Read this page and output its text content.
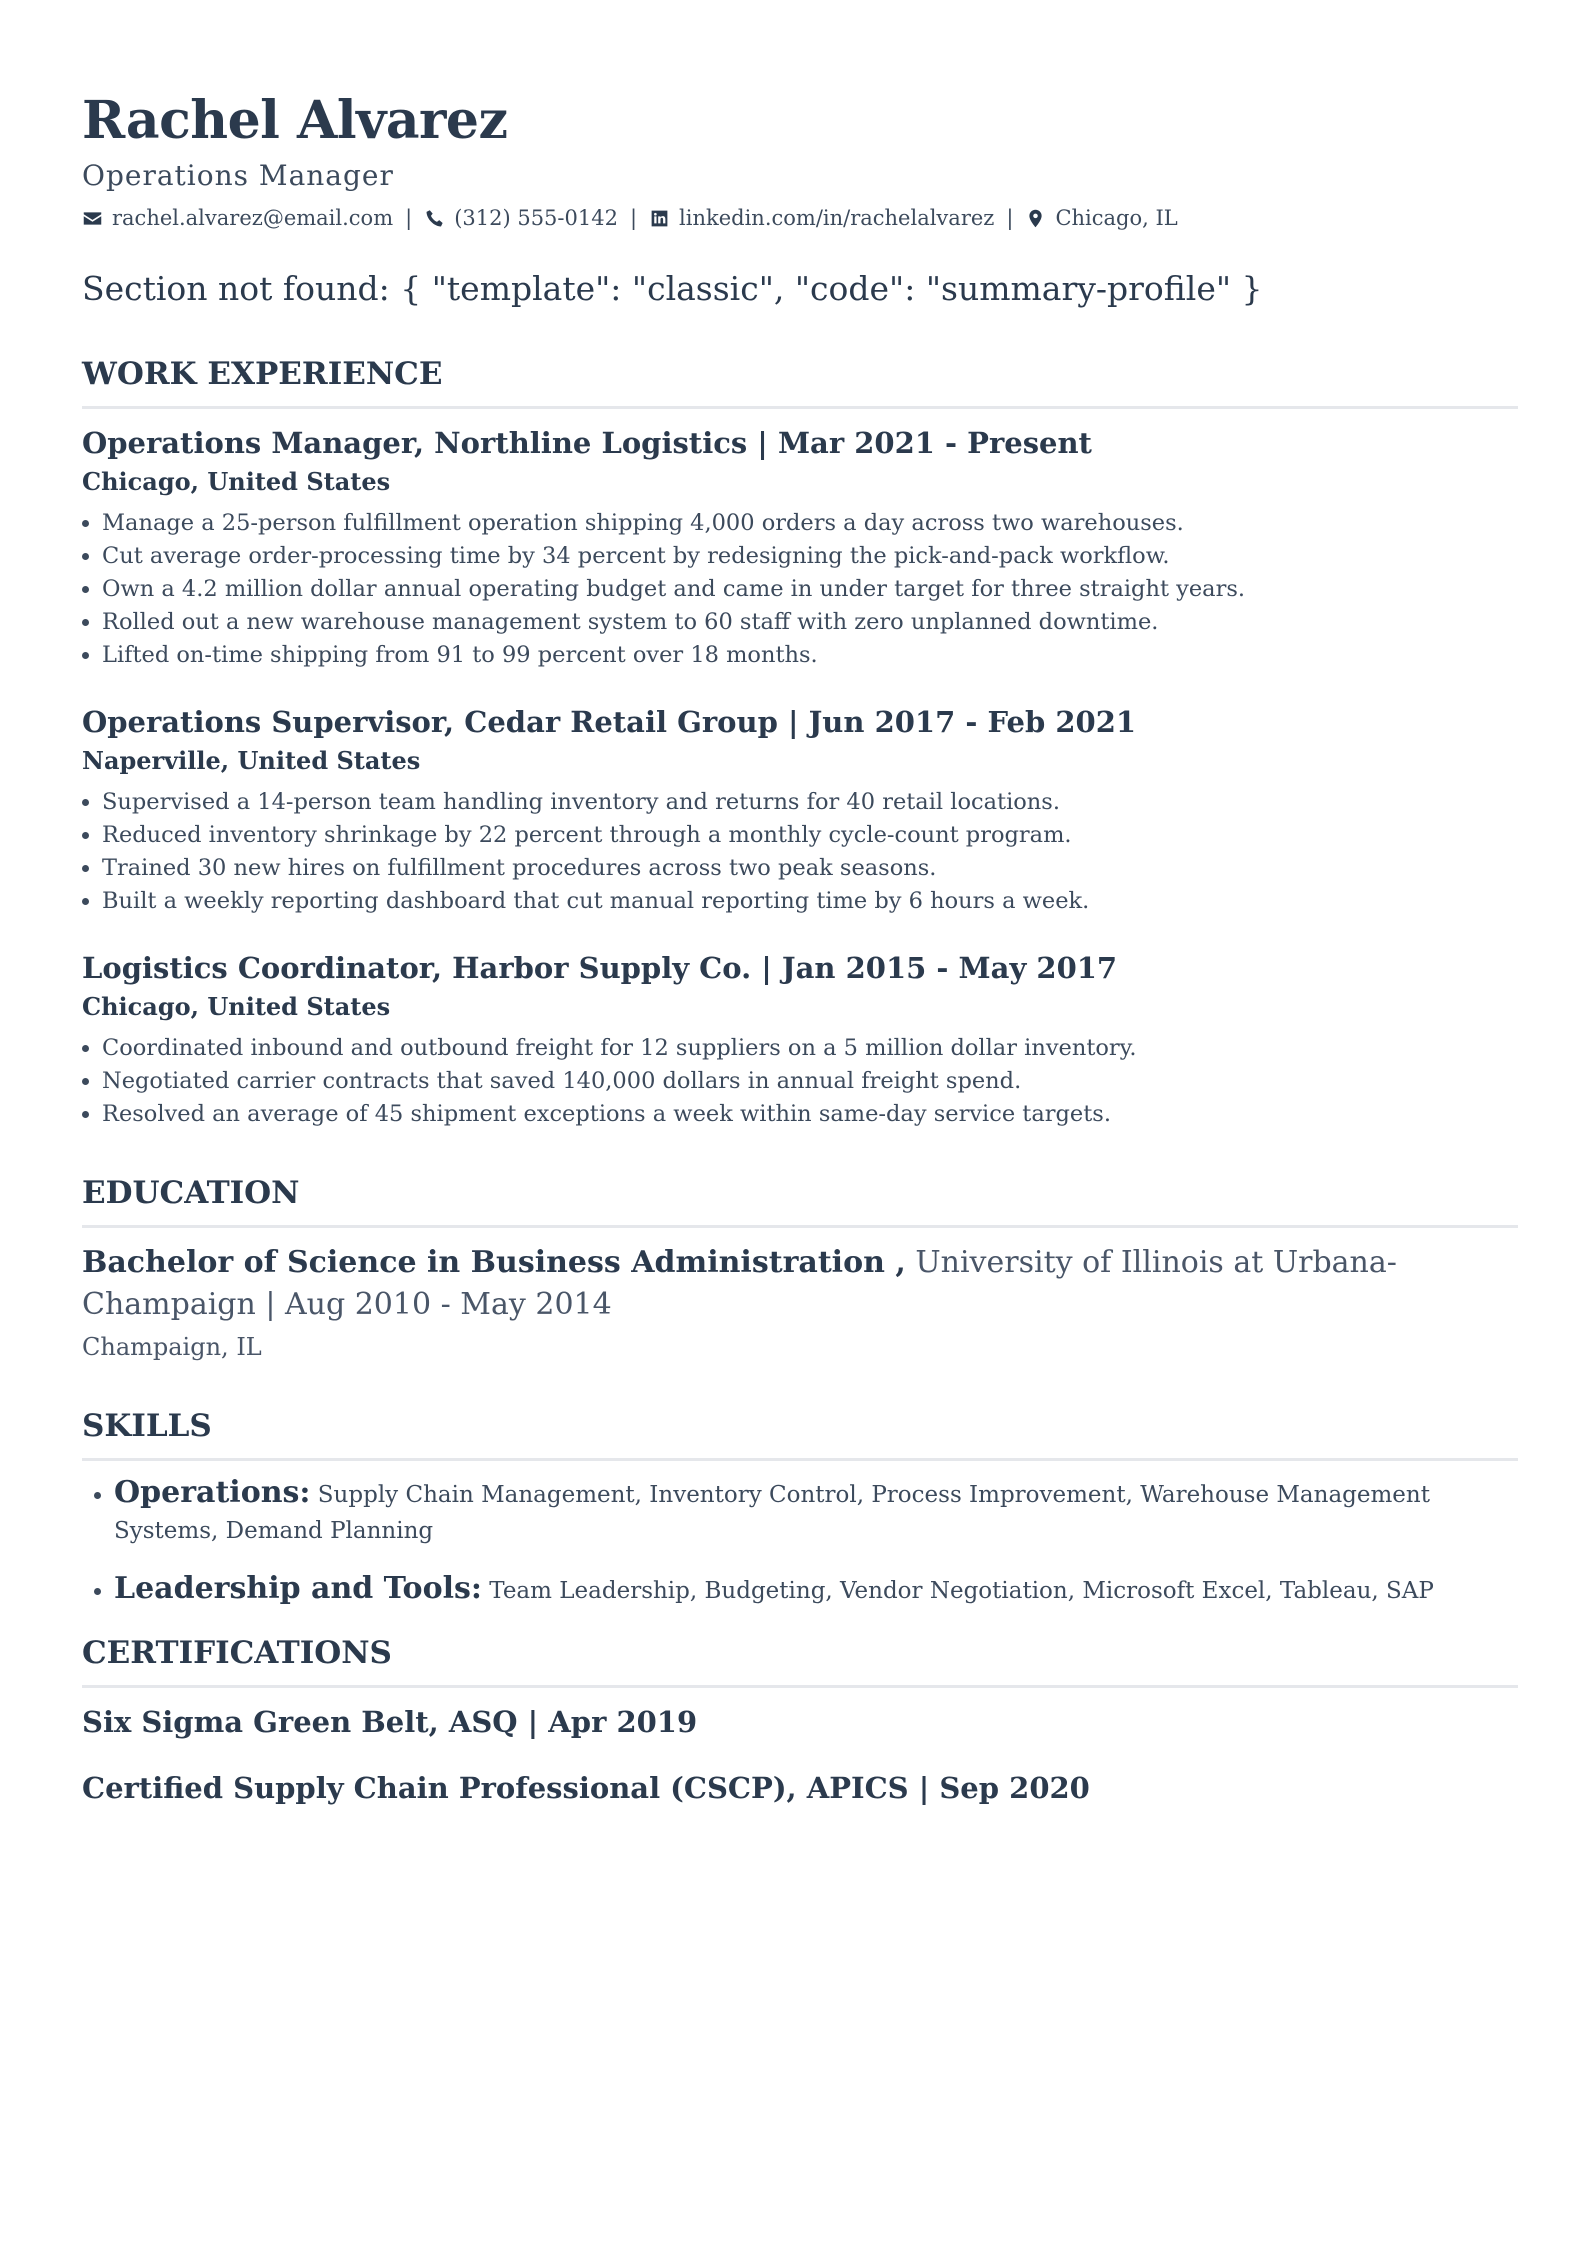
Rachel Alvarez
Operations Manager
rachel.alvarez@email.com | (312) 555-0142 | linkedin.com/in/rachelalvarez | Chicago, IL
Section not found: { "template": "classic", "code": "summary-profile" }
WORK EXPERIENCE
Operations Manager, Northline Logistics | Mar 2021 - Present
Chicago, United States
• Manage a 25-person fulfillment operation shipping 4,000 orders a day across two warehouses.
• Cut average order-processing time by 34 percent by redesigning the pick-and-pack workflow.
• Own a 4.2 million dollar annual operating budget and came in under target for three straight years.
• Rolled out a new warehouse management system to 60 staff with zero unplanned downtime.
• Lifted on-time shipping from 91 to 99 percent over 18 months.
Operations Supervisor, Cedar Retail Group | Jun 2017 - Feb 2021
Naperville, United States
• Supervised a 14-person team handling inventory and returns for 40 retail locations.
• Reduced inventory shrinkage by 22 percent through a monthly cycle-count program.
• Trained 30 new hires on fulfillment procedures across two peak seasons.
• Built a weekly reporting dashboard that cut manual reporting time by 6 hours a week.
Logistics Coordinator, Harbor Supply Co. | Jan 2015 - May 2017
Chicago, United States
• Coordinated inbound and outbound freight for 12 suppliers on a 5 million dollar inventory.
• Negotiated carrier contracts that saved 140,000 dollars in annual freight spend.
• Resolved an average of 45 shipment exceptions a week within same-day service targets.
EDUCATION
Bachelor of Science in Business Administration , University of Illinois at Urbana-Champaign | Aug 2010 - May 2014
Champaign, IL
SKILLS
• Operations: Supply Chain Management, Inventory Control, Process Improvement, Warehouse Management Systems, Demand Planning
• Leadership and Tools: Team Leadership, Budgeting, Vendor Negotiation, Microsoft Excel, Tableau, SAP
CERTIFICATIONS
Six Sigma Green Belt, ASQ | Apr 2019
Certified Supply Chain Professional (CSCP), APICS | Sep 2020
